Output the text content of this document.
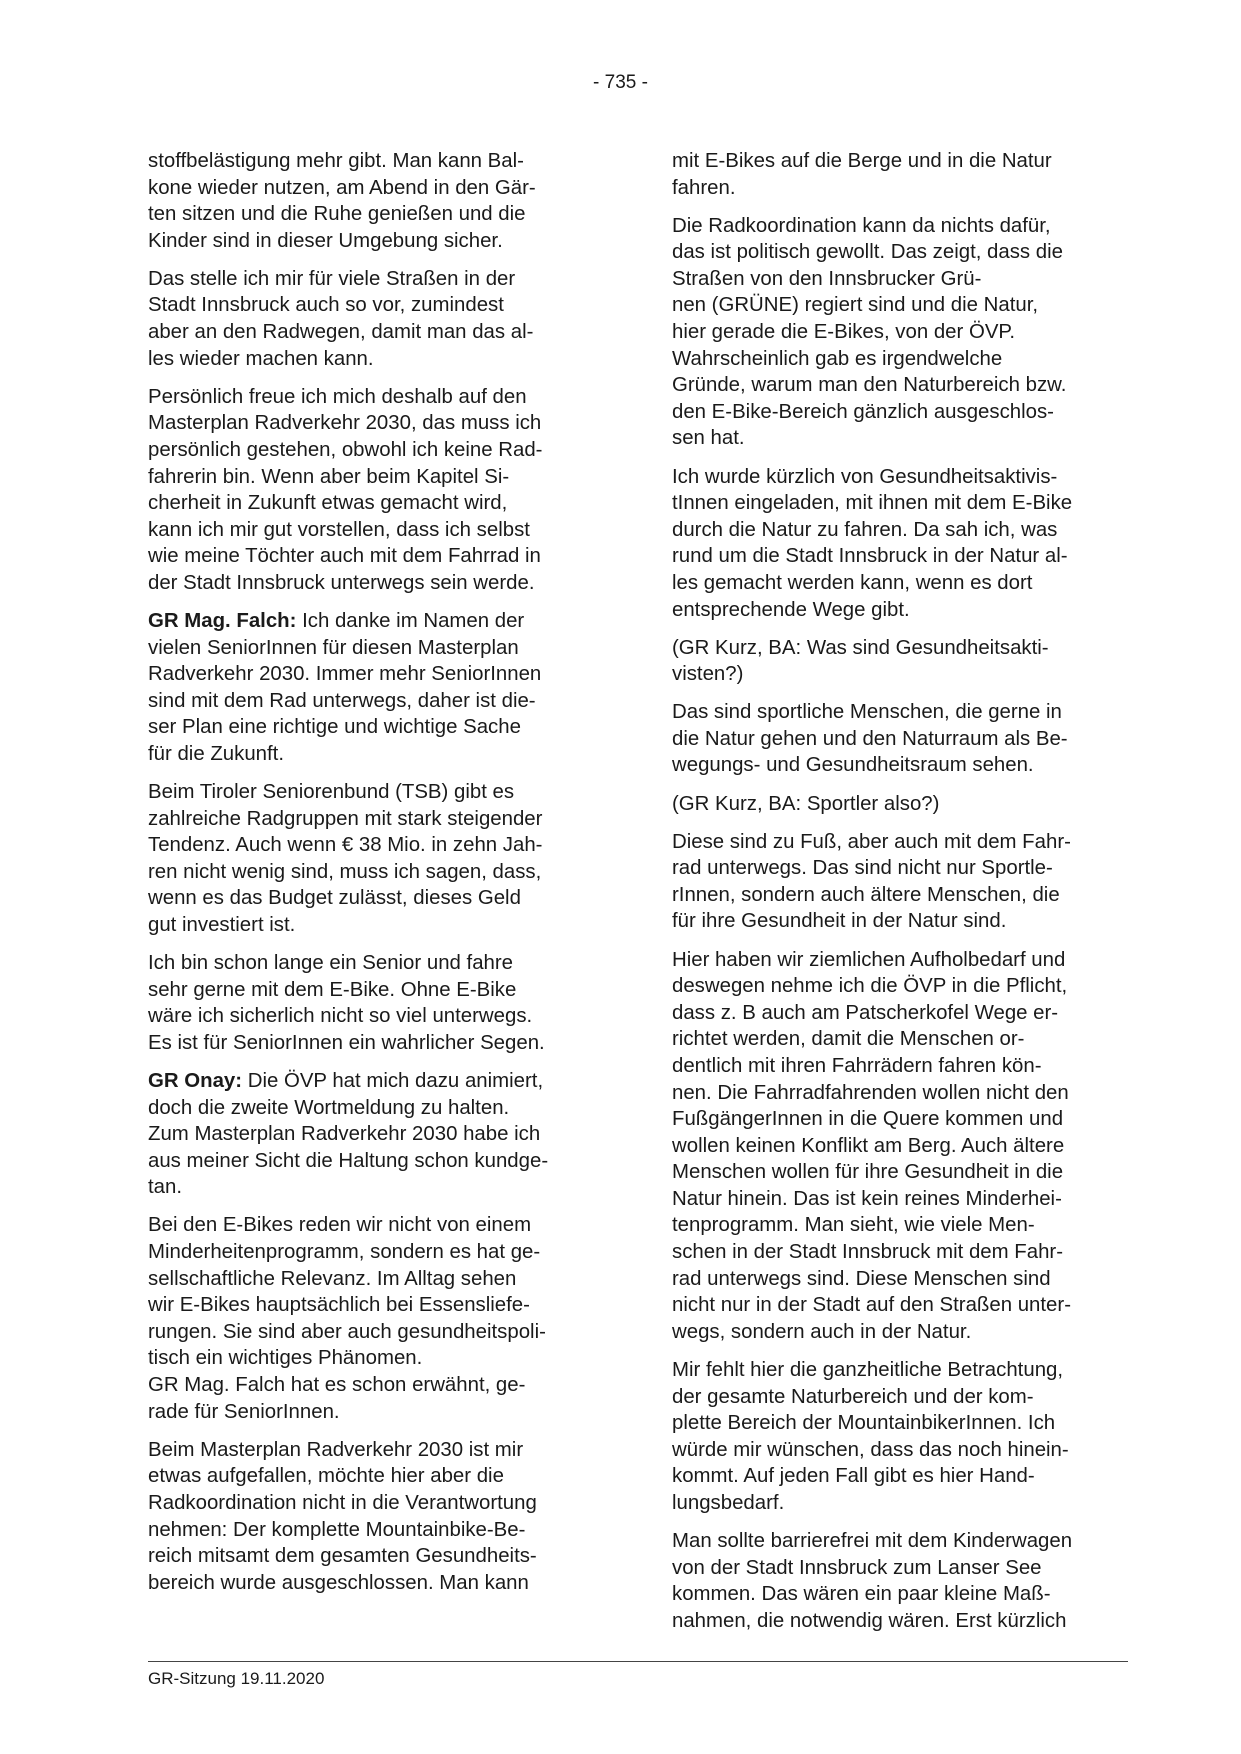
- 735 -

stoffbelästigung mehr gibt. Man kann Bal-
kone wieder nutzen, am Abend in den Gär-
ten sitzen und die Ruhe genießen und die
Kinder sind in dieser Umgebung sicher.

Das stelle ich mir für viele Straßen in der
Stadt Innsbruck auch so vor, zumindest
aber an den Radwegen, damit man das al-
les wieder machen kann.

Persönlich freue ich mich deshalb auf den
Masterplan Radverkehr 2030, das muss ich
persönlich gestehen, obwohl ich keine Rad-
fahrerin bin. Wenn aber beim Kapitel Si-
cherheit in Zukunft etwas gemacht wird,
kann ich mir gut vorstellen, dass ich selbst
wie meine Töchter auch mit dem Fahrrad in
der Stadt Innsbruck unterwegs sein werde.

GR Mag. Falch: Ich danke im Namen der
vielen SeniorInnen für diesen Masterplan
Radverkehr 2030. Immer mehr SeniorInnen
sind mit dem Rad unterwegs, daher ist die-
ser Plan eine richtige und wichtige Sache
für die Zukunft.

Beim Tiroler Seniorenbund (TSB) gibt es
zahlreiche Radgruppen mit stark steigender
Tendenz. Auch wenn € 38 Mio. in zehn Jah-
ren nicht wenig sind, muss ich sagen, dass,
wenn es das Budget zulässt, dieses Geld
gut investiert ist.

Ich bin schon lange ein Senior und fahre
sehr gerne mit dem E-Bike. Ohne E-Bike
wäre ich sicherlich nicht so viel unterwegs.
Es ist für SeniorInnen ein wahrlicher Segen.

GR Onay: Die ÖVP hat mich dazu animiert,
doch die zweite Wortmeldung zu halten.
Zum Masterplan Radverkehr 2030 habe ich
aus meiner Sicht die Haltung schon kundge-
tan.

Bei den E-Bikes reden wir nicht von einem
Minderheitenprogramm, sondern es hat ge-
sellschaftliche Relevanz. Im Alltag sehen
wir E-Bikes hauptsächlich bei Essensliefe-
rungen. Sie sind aber auch gesundheitspoli-
tisch ein wichtiges Phänomen.
GR Mag. Falch hat es schon erwähnt, ge-
rade für SeniorInnen.

Beim Masterplan Radverkehr 2030 ist mir
etwas aufgefallen, möchte hier aber die
Radkoordination nicht in die Verantwortung
nehmen: Der komplette Mountainbike-Be-
reich mitsamt dem gesamten Gesundheits-
bereich wurde ausgeschlossen. Man kann

mit E-Bikes auf die Berge und in die Natur
fahren.

Die Radkoordination kann da nichts dafür,
das ist politisch gewollt. Das zeigt, dass die
Straßen von den Innsbrucker Grü-
nen (GRÜNE) regiert sind und die Natur,
hier gerade die E-Bikes, von der ÖVP.
Wahrscheinlich gab es irgendwelche
Gründe, warum man den Naturbereich bzw.
den E-Bike-Bereich gänzlich ausgeschlos-
sen hat.

Ich wurde kürzlich von Gesundheitsaktivis-
tInnen eingeladen, mit ihnen mit dem E-Bike
durch die Natur zu fahren. Da sah ich, was
rund um die Stadt Innsbruck in der Natur al-
les gemacht werden kann, wenn es dort
entsprechende Wege gibt.

(GR Kurz, BA: Was sind Gesundheitsakti-
visten?)

Das sind sportliche Menschen, die gerne in
die Natur gehen und den Naturraum als Be-
wegungs- und Gesundheitsraum sehen.

(GR Kurz, BA: Sportler also?)

Diese sind zu Fuß, aber auch mit dem Fahr-
rad unterwegs. Das sind nicht nur Sportle-
rInnen, sondern auch ältere Menschen, die
für ihre Gesundheit in der Natur sind.

Hier haben wir ziemlichen Aufholbedarf und
deswegen nehme ich die ÖVP in die Pflicht,
dass z. B auch am Patscherkofel Wege er-
richtet werden, damit die Menschen or-
dentlich mit ihren Fahrrädern fahren kön-
nen. Die Fahrradfahrenden wollen nicht den
FußgängerInnen in die Quere kommen und
wollen keinen Konflikt am Berg. Auch ältere
Menschen wollen für ihre Gesundheit in die
Natur hinein. Das ist kein reines Minderhei-
tenprogramm. Man sieht, wie viele Men-
schen in der Stadt Innsbruck mit dem Fahr-
rad unterwegs sind. Diese Menschen sind
nicht nur in der Stadt auf den Straßen unter-
wegs, sondern auch in der Natur.

Mir fehlt hier die ganzheitliche Betrachtung,
der gesamte Naturbereich und der kom-
plette Bereich der MountainbikerInnen. Ich
würde mir wünschen, dass das noch hinein-
kommt. Auf jeden Fall gibt es hier Hand-
lungsbedarf.

Man sollte barrierefrei mit dem Kinderwagen
von der Stadt Innsbruck zum Lanser See
kommen. Das wären ein paar kleine Maß-
nahmen, die notwendig wären. Erst kürzlich

GR-Sitzung 19.11.2020
